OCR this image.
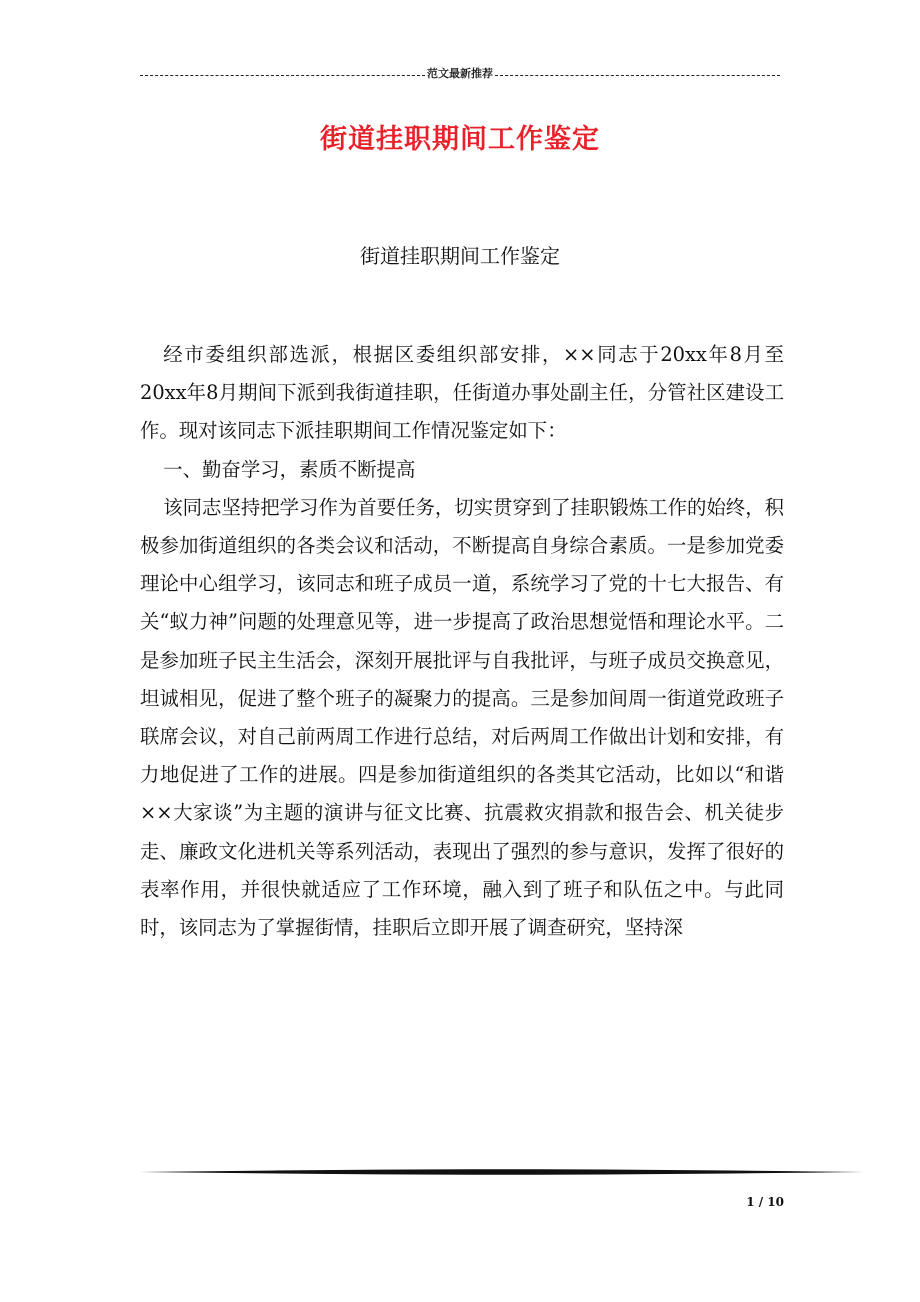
范文最新推荐
街道挂职期间工作鉴定
街道挂职期间工作鉴定

经市委组织部选派，根据区委组织部安排，××同志于20xx年8月至20xx年8月期间下派到我街道挂职，任街道办事处副主任，分管社区建设工作。现对该同志下派挂职期间工作情况鉴定如下：

一、勤奋学习，素质不断提高

该同志坚持把学习作为首要任务，切实贯穿到了挂职锻炼工作的始终，积极参加街道组织的各类会议和活动，不断提高自身综合素质。一是参加党委理论中心组学习，该同志和班子成员一道，系统学习了党的十七大报告、有关“蚁力神”问题的处理意见等，进一步提高了政治思想觉悟和理论水平。二是参加班子民主生活会，深刻开展批评与自我批评，与班子成员交换意见，坦诚相见，促进了整个班子的凝聚力的提高。三是参加间周一街道党政班子联席会议，对自己前两周工作进行总结，对后两周工作做出计划和安排，有力地促进了工作的进展。四是参加街道组织的各类其它活动，比如以“和谐××大家谈”为主题的演讲与征文比赛、抗震救灾捐款和报告会、机关徒步走、廉政文化进机关等系列活动，表现出了强烈的参与意识，发挥了很好的表率作用，并很快就适应了工作环境，融入到了班子和队伍之中。与此同时，该同志为了掌握街情，挂职后立即开展了调查研究，坚持深

1 / 10
